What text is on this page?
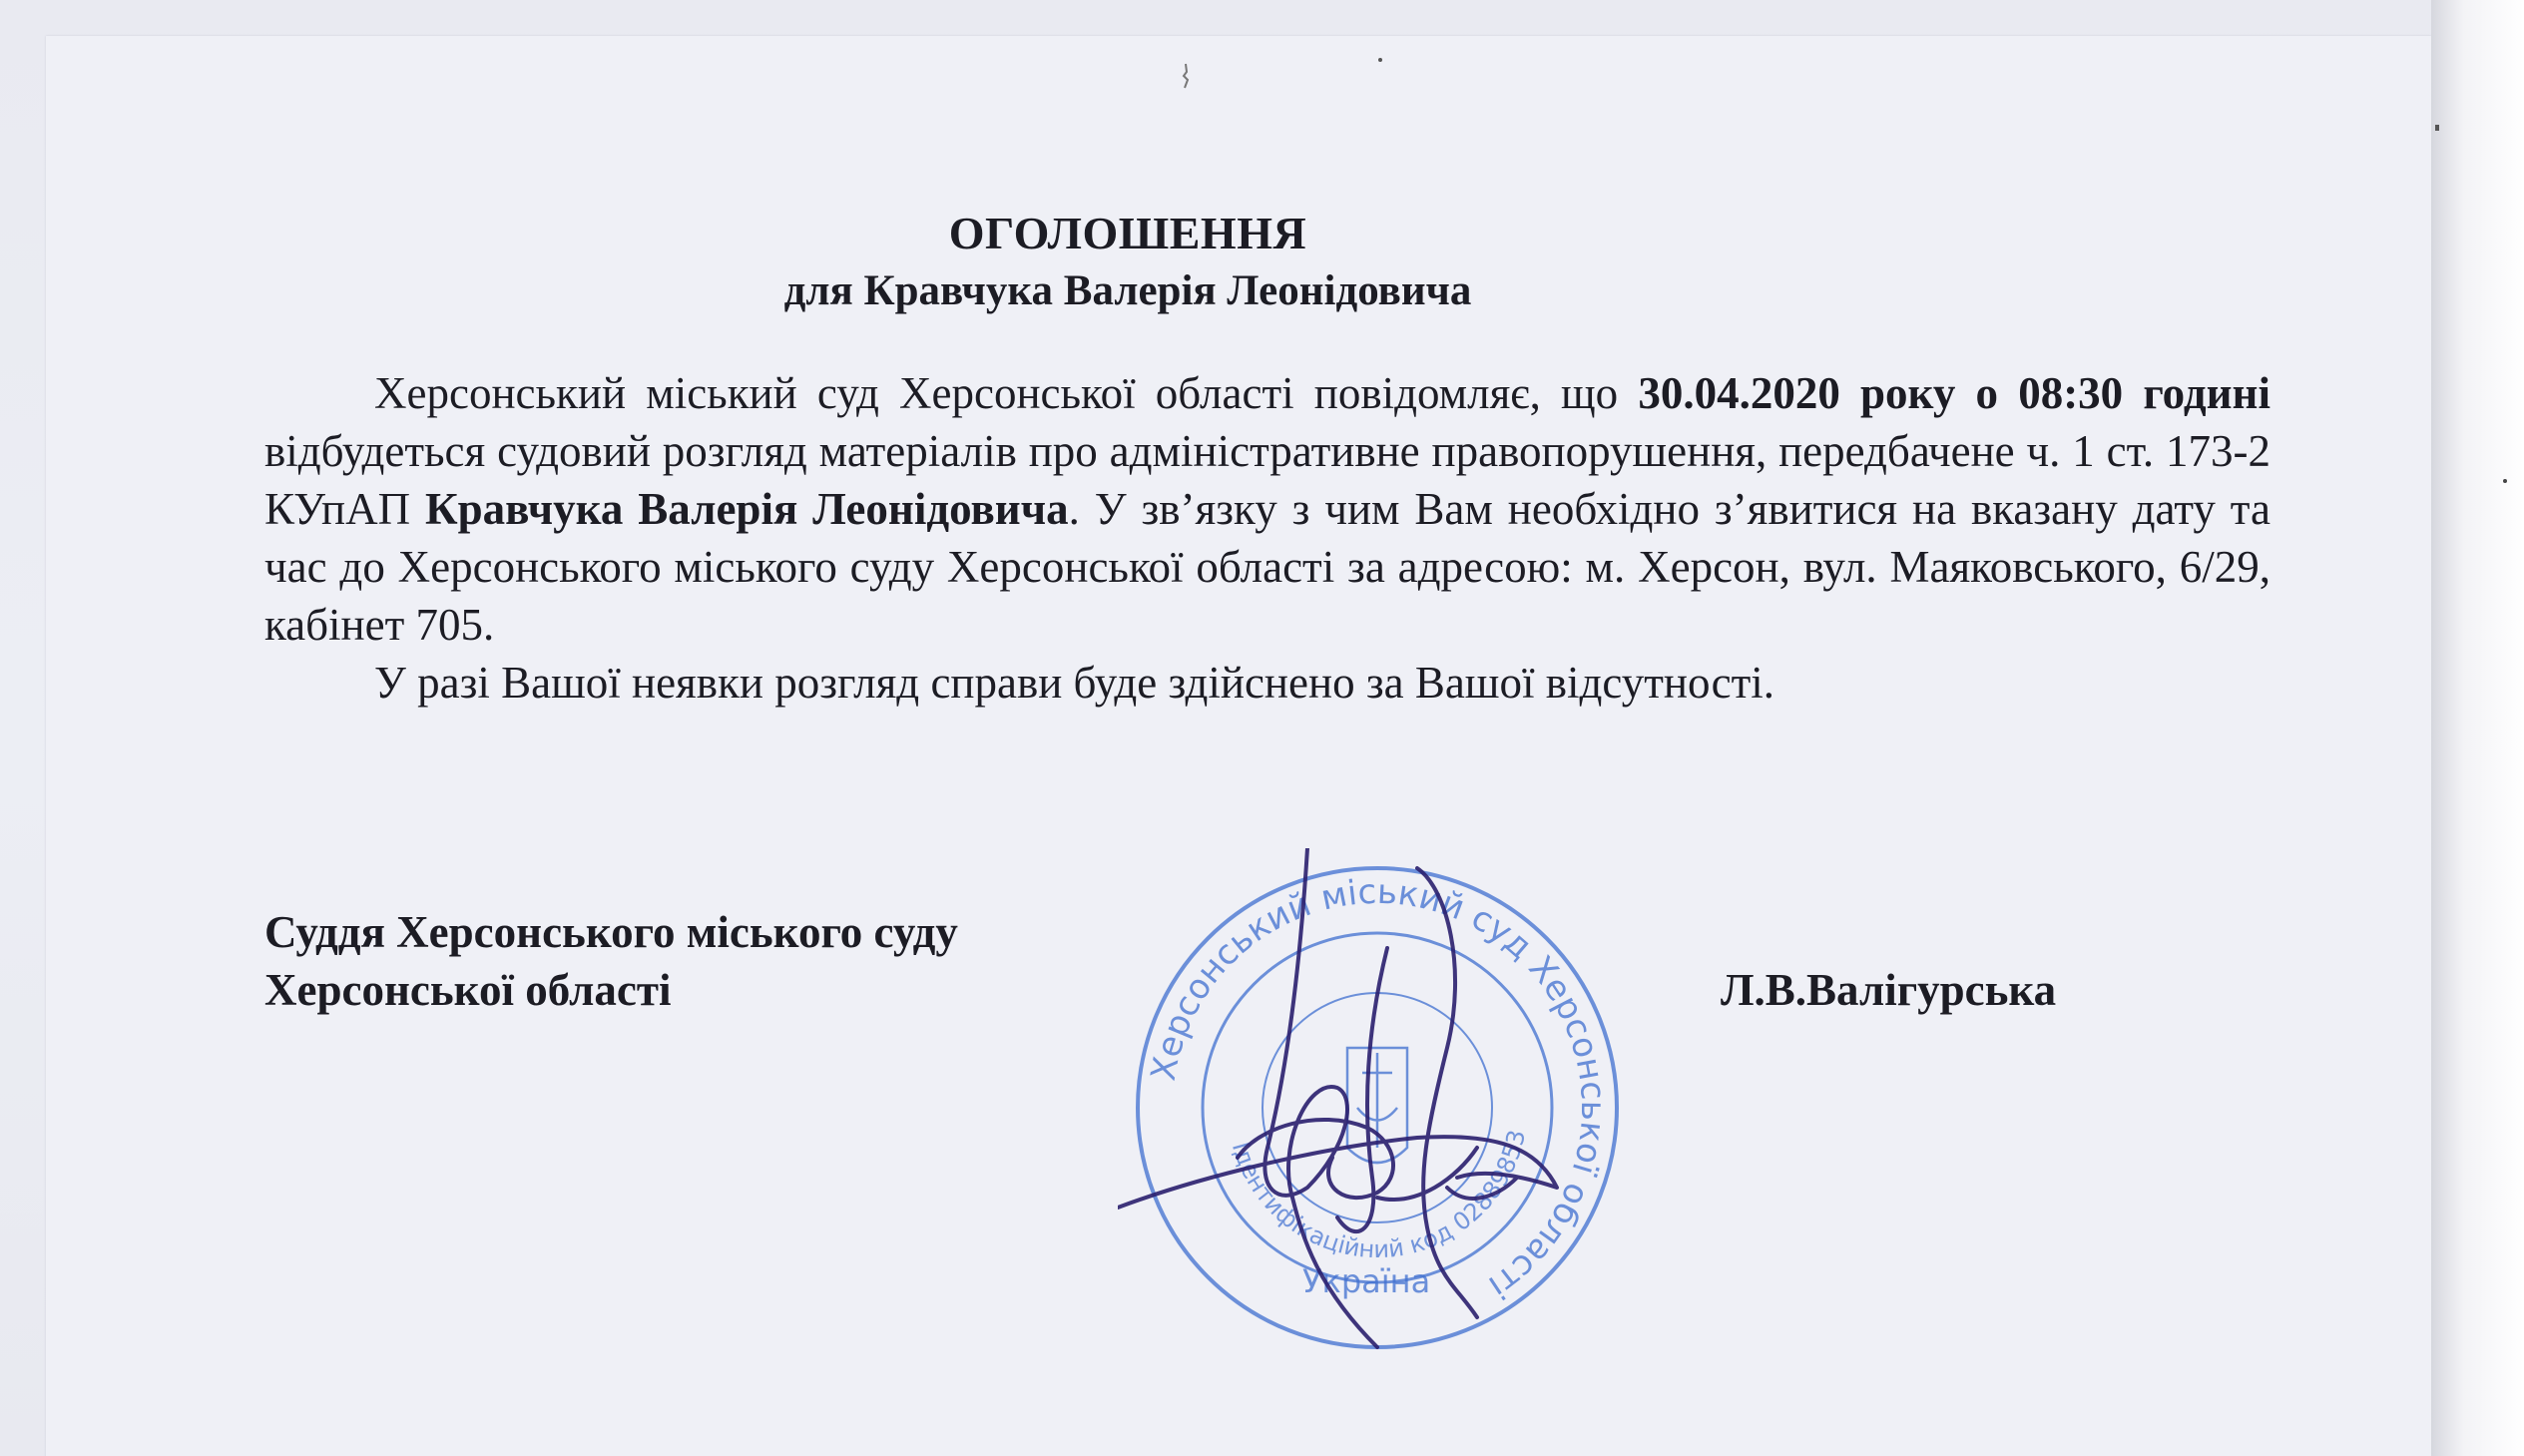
ОГОЛОШЕННЯ
для Кравчука Валерія Леонідовича

Херсонський міський суд Херсонської області повідомляє, що 30.04.2020 року о 08:30 годині відбудеться судовий розгляд матеріалів про адміністративне правопорушення, передбачене ч. 1 ст. 173-2 КУпАП Кравчука Валерія Леонідовича. У зв’язку з чим Вам необхідно з’явитися на вказану дату та час до Херсонського міського суду Херсонської області за адресою: м. Херсон, вул. Маяковського, 6/29, кабінет 705.

У разі Вашої неявки розгляд справи буде здійснено за Вашої відсутності.

Суддя Херсонського міського суду
Херсонської області	Л.В.Валігурська
Херсонський міський суд Херсонської області
Ідентифікаційний код 02889853
Україна
